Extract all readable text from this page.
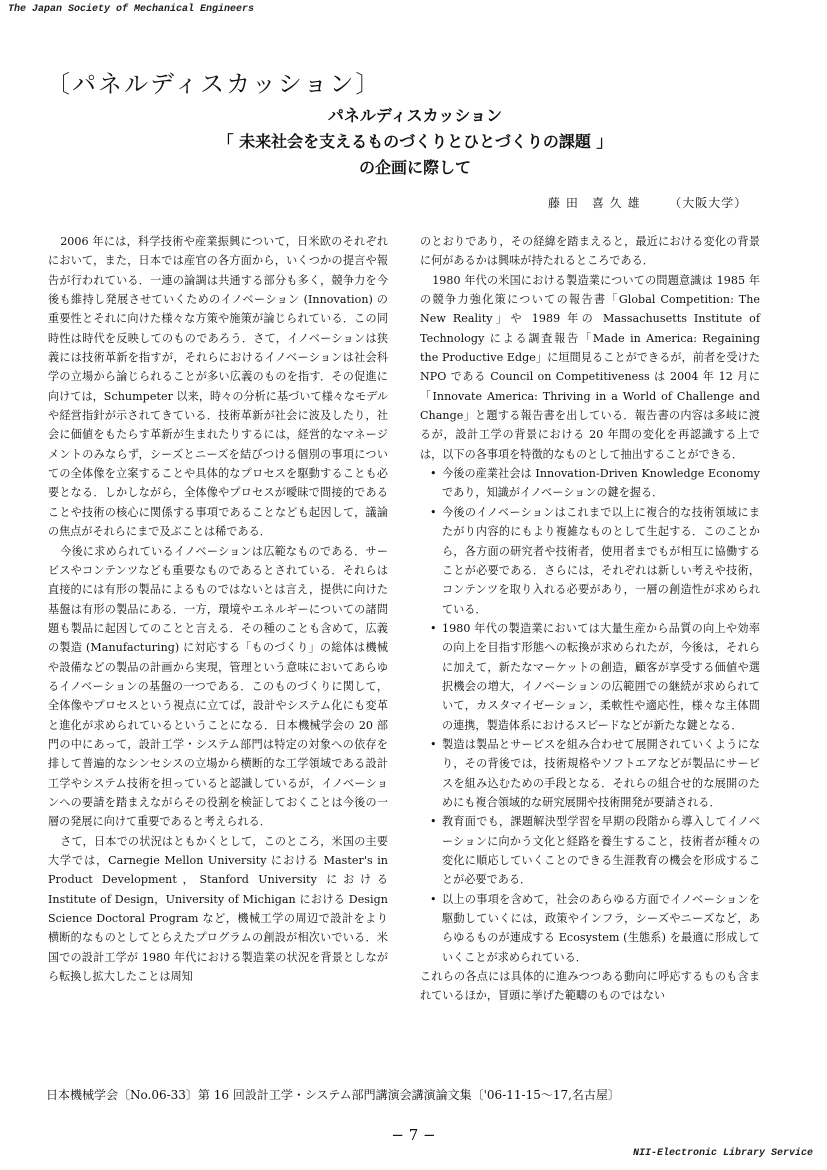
The Japan Society of Mechanical Engineers
〔パネルディスカッション〕
パネルディスカッション
「 未来社会を支えるものづくりとひとづくりの課題 」
の企画に際して
藤 田　喜 久 雄 （大阪大学）

2006 年には，科学技術や産業振興について，日米欧のそれぞれにおいて，また，日本では産官の各方面から，いくつかの提言や報告が行われている．一連の論調は共通する部分も多く，競争力を今後も維持し発展させていくためのイノベーション (Innovation) の重要性とそれに向けた様々な方策や施策が論じられている．この同時性は時代を反映してのものであろう．さて，イノベーションは狭義には技術革新を指すが，それらにおけるイノベーションは社会科学の立場から論じられることが多い広義のものを指す．その促進に向けては，Schumpeter 以来，時々の分析に基づいて様々なモデルや経営指針が示されてきている．技術革新が社会に波及したり，社会に価値をもたらす革新が生まれたりするには，経営的なマネージメントのみならず，シーズとニーズを結びつける個別の事項についての全体像を立案することや具体的なプロセスを駆動することも必要となる．しかしながら，全体像やプロセスが曖昧で間接的であることや技術の核心に関係する事項であることなども起因して，議論の焦点がそれらにまで及ぶことは稀である．

今後に求められているイノベーションは広範なものである．サービスやコンテンツなども重要なものであるとされている．それらは直接的には有形の製品によるものではないとは言え，提供に向けた基盤は有形の製品にある．一方，環境やエネルギーについての諸問題も製品に起因してのことと言える．その種のことも含めて，広義の製造 (Manufacturing) に対応する「ものづくり」の総体は機械や設備などの製品の計画から実現，管理という意味においてあらゆるイノベーションの基盤の一つである．このものづくりに関して，全体像やプロセスという視点に立てば，設計やシステム化にも変革と進化が求められているということになる．日本機械学会の 20 部門の中にあって，設計工学・システム部門は特定の対象への依存を排して普遍的なシンセシスの立場から横断的な工学領域である設計工学やシステム技術を担っていると認識しているが，イノベーションへの要請を踏まえながらその役割を検証しておくことは今後の一層の発展に向けて重要であると考えられる．

さて，日本での状況はともかくとして，このところ，米国の主要大学では，Carnegie Mellon University における Master's in Product Development，Stanford University における Institute of Design，University of Michigan における Design Science Doctoral Program など，機械工学の周辺で設計をより横断的なものとしてとらえたプログラムの創設が相次いでいる．米国での設計工学が 1980 年代における製造業の状況を背景としながら転換し拡大したことは周知

のとおりであり，その経緯を踏まえると，最近における変化の背景に何があるかは興味が持たれるところである．

1980 年代の米国における製造業についての問題意識は 1985 年の競争力強化策についての報告書「Global Competition: The New Reality」や 1989 年の Massachusetts Institute of Technology による調査報告「Made in America: Regaining the Productive Edge」に垣間見ることができるが，前者を受けた NPO である Council on Competitiveness は 2004 年 12 月に「Innovate America: Thriving in a World of Challenge and Change」と題する報告書を出している．報告書の内容は多岐に渡るが，設計工学の背景における 20 年間の変化を再認識する上では，以下の各事項を特徴的なものとして抽出することができる．

• 今後の産業社会は Innovation-Driven Knowledge Economy であり，知識がイノベーションの鍵を握る．
• 今後のイノベーションはこれまで以上に複合的な技術領域にまたがり内容的にもより複雑なものとして生起する．このことから，各方面の研究者や技術者，使用者までもが相互に協働することが必要である．さらには，それぞれは新しい考えや技術，コンテンツを取り入れる必要があり，一層の創造性が求められている．
• 1980 年代の製造業においては大量生産から品質の向上や効率の向上を目指す形態への転換が求められたが，今後は，それらに加えて，新たなマーケットの創造，顧客が享受する価値や選択機会の増大，イノベーションの広範囲での継続が求められていて，カスタマイゼーション，柔軟性や適応性，様々な主体間の連携，製造体系におけるスピードなどが新たな鍵となる．
• 製造は製品とサービスを組み合わせて展開されていくようになり，その背後では，技術規格やソフトエアなどが製品にサービスを組み込むための手段となる．それらの組合せ的な展開のためにも複合領域的な研究展開や技術開発が要請される．
• 教育面でも，課題解決型学習を早期の段階から導入してイノベーションに向かう文化と経路を養生すること，技術者が種々の変化に順応していくことのできる生涯教育の機会を形成することが必要である．
• 以上の事項を含めて，社会のあらゆる方面でイノベーションを駆動していくには，政策やインフラ，シーズやニーズなど，あらゆるものが連成する Ecosystem (生態系) を最適に形成していくことが求められている．

これらの各点には具体的に進みつつある動向に呼応するものも含まれているほか，冒頭に挙げた範疇のものではない

日本機械学会〔No.06-33〕第 16 回設計工学・システム部門講演会講演論文集〔'06-11-15～17,名古屋〕
− 7 −
NII-Electronic Library Service
